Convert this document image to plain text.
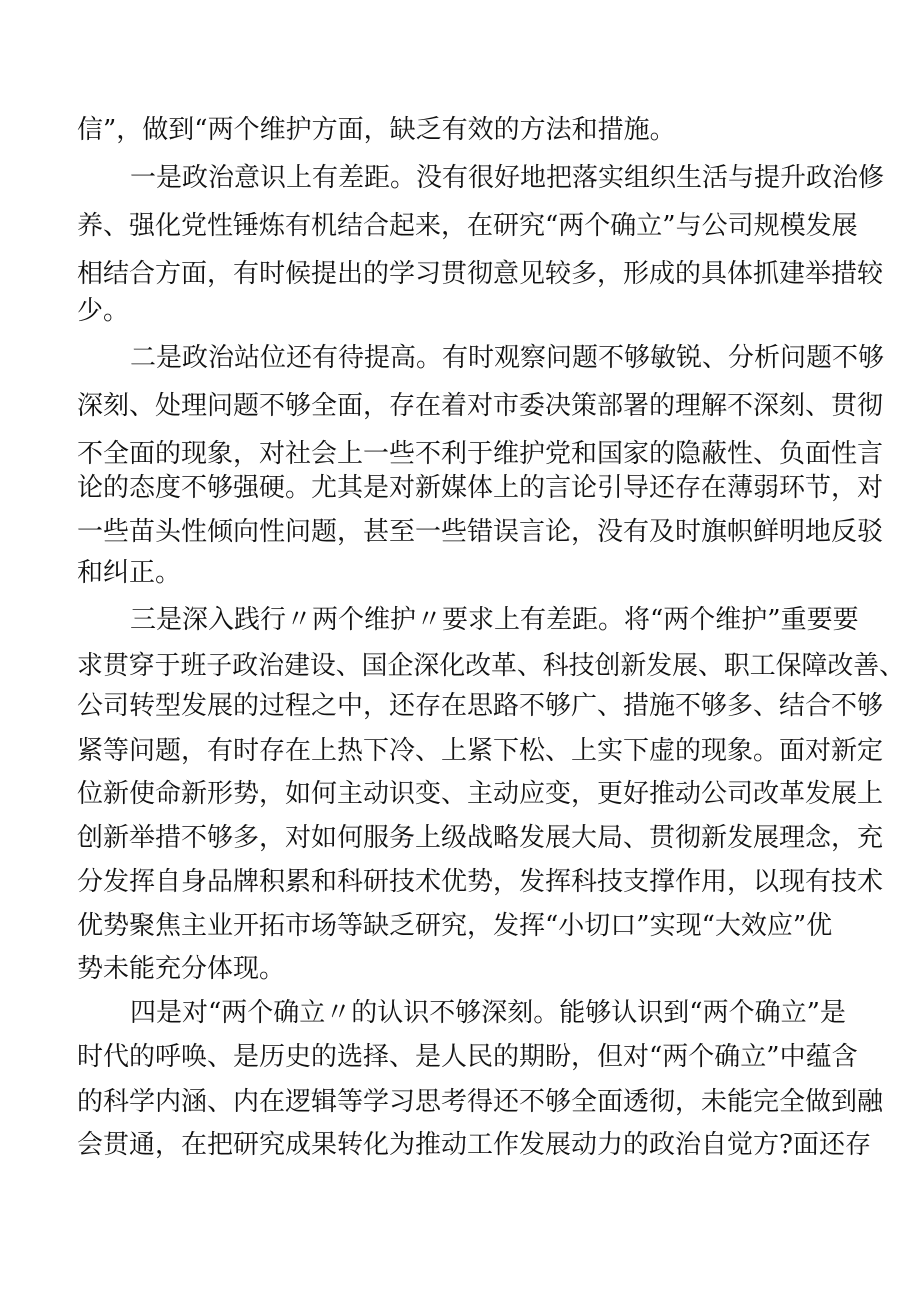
信”，做到“两个维护方面，缺乏有效的方法和措施。
一是政治意识上有差距。没有很好地把落实组织生活与提升政治修
养、强化党性锤炼有机结合起来，在研究“两个确立”与公司规模发展
相结合方面，有时候提出的学习贯彻意见较多，形成的具体抓建举措较
少。
二是政治站位还有待提高。有时观察问题不够敏锐、分析问题不够
深刻、处理问题不够全面，存在着对市委决策部署的理解不深刻、贯彻
不全面的现象，对社会上一些不利于维护党和国家的隐蔽性、负面性言
论的态度不够强硬。尤其是对新媒体上的言论引导还存在薄弱环节，对
一些苗头性倾向性问题，甚至一些错误言论，没有及时旗帜鲜明地反驳
和纠正。
三是深入践行〃两个维护〃要求上有差距。将“两个维护”重要要
求贯穿于班子政治建设、国企深化改革、科技创新发展、职工保障改善、
公司转型发展的过程之中，还存在思路不够广、措施不够多、结合不够
紧等问题，有时存在上热下冷、上紧下松、上实下虚的现象。面对新定
位新使命新形势，如何主动识变、主动应变，更好推动公司改革发展上
创新举措不够多，对如何服务上级战略发展大局、贯彻新发展理念，充
分发挥自身品牌积累和科研技术优势，发挥科技支撑作用，以现有技术
优势聚焦主业开拓市场等缺乏研究，发挥“小切口”实现“大效应”优
势未能充分体现。
四是对“两个确立〃的认识不够深刻。能够认识到“两个确立”是
时代的呼唤、是历史的选择、是人民的期盼，但对“两个确立”中蕴含
的科学内涵、内在逻辑等学习思考得还不够全面透彻，未能完全做到融
会贯通，在把研究成果转化为推动工作发展动力的政治自觉方?面还存
